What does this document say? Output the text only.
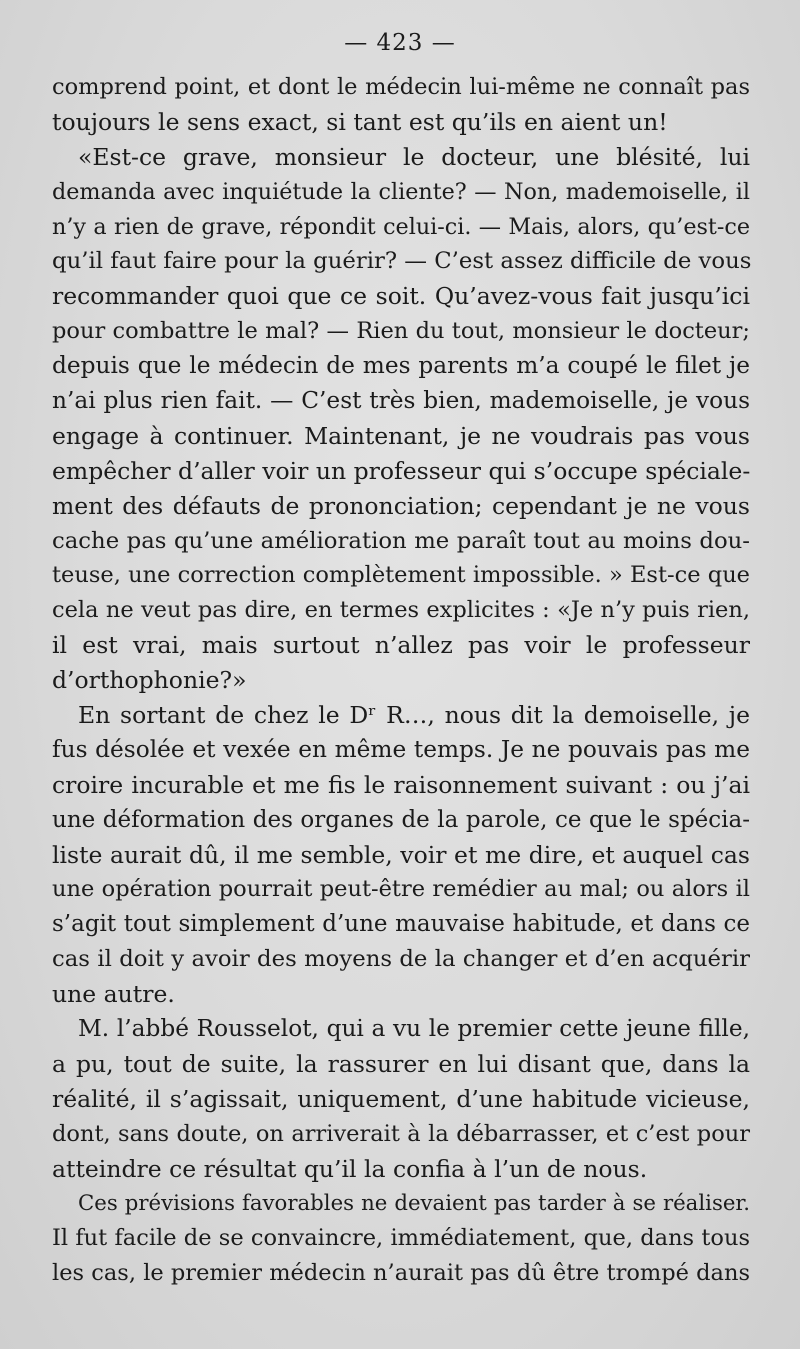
— 423 —
comprend point, et dont le médecin lui-même ne connaît pas
toujours le sens exact, si tant est qu’ils en aient un!
«Est-ce grave, monsieur le docteur, une blésité, lui
demanda avec inquiétude la cliente? — Non, mademoiselle, il
n’y a rien de grave, répondit celui-ci. — Mais, alors, qu’est-ce
qu’il faut faire pour la guérir? — C’est assez difficile de vous
recommander quoi que ce soit. Qu’avez-vous fait jusqu’ici
pour combattre le mal? — Rien du tout, monsieur le docteur;
depuis que le médecin de mes parents m’a coupé le filet je
n’ai plus rien fait. — C’est très bien, mademoiselle, je vous
engage à continuer. Maintenant, je ne voudrais pas vous
empêcher d’aller voir un professeur qui s’occupe spéciale-
ment des défauts de prononciation; cependant je ne vous
cache pas qu’une amélioration me paraît tout au moins dou-
teuse, une correction complètement impossible. » Est-ce que
cela ne veut pas dire, en termes explicites : «Je n’y puis rien,
il est vrai, mais surtout n’allez pas voir le professeur
d’orthophonie?»
En sortant de chez le Dʳ R…, nous dit la demoiselle, je
fus désolée et vexée en même temps. Je ne pouvais pas me
croire incurable et me fis le raisonnement suivant : ou j’ai
une déformation des organes de la parole, ce que le spécia-
liste aurait dû, il me semble, voir et me dire, et auquel cas
une opération pourrait peut-être remédier au mal; ou alors il
s’agit tout simplement d’une mauvaise habitude, et dans ce
cas il doit y avoir des moyens de la changer et d’en acquérir
une autre.
M. l’abbé Rousselot, qui a vu le premier cette jeune fille,
a pu, tout de suite, la rassurer en lui disant que, dans la
réalité, il s’agissait, uniquement, d’une habitude vicieuse,
dont, sans doute, on arriverait à la débarrasser, et c’est pour
atteindre ce résultat qu’il la confia à l’un de nous.
Ces prévisions favorables ne devaient pas tarder à se réaliser.
Il fut facile de se convaincre, immédiatement, que, dans tous
les cas, le premier médecin n’aurait pas dû être trompé dans
